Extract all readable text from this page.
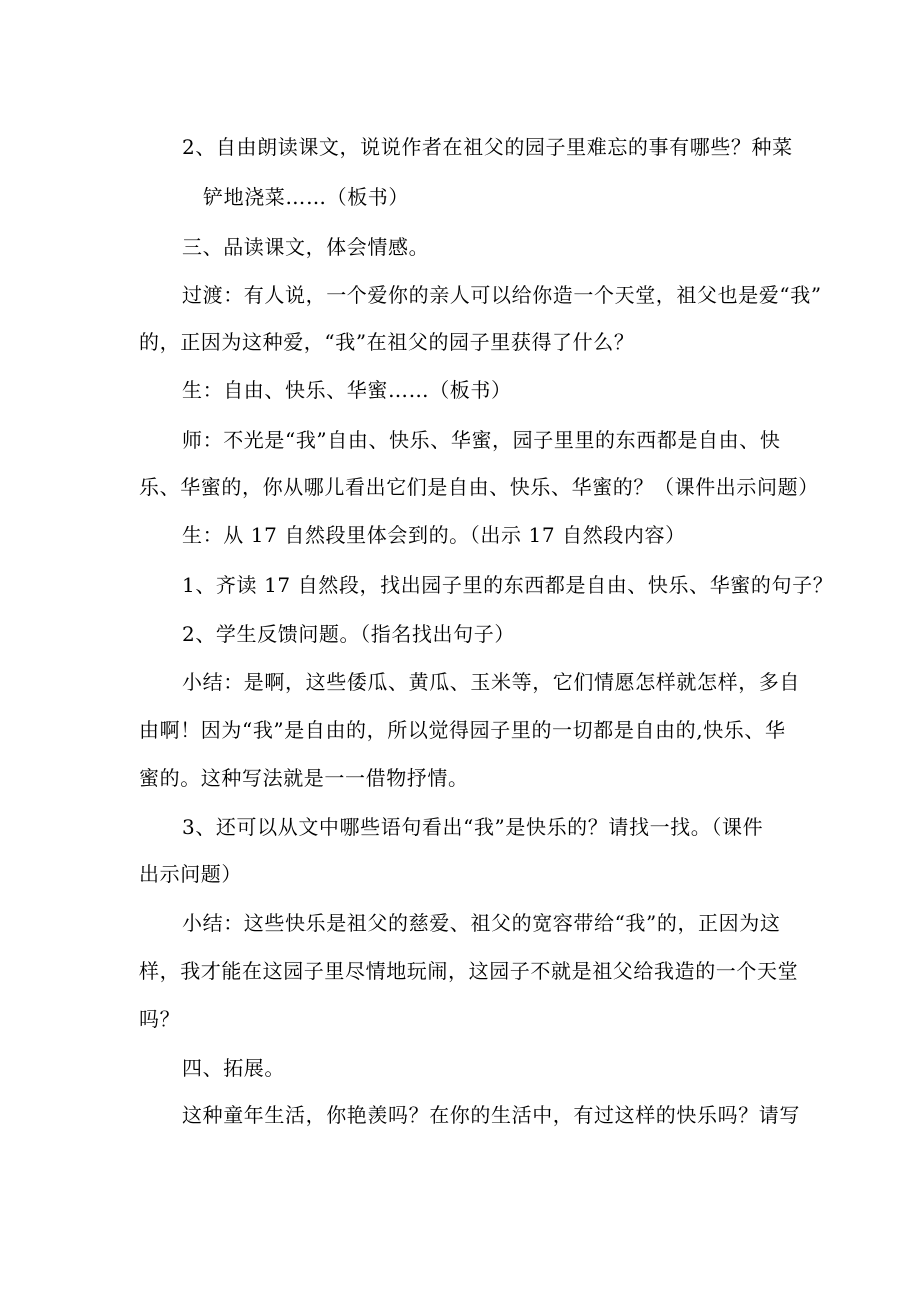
2、自由朗读课文，说说作者在祖父的园子里难忘的事有哪些？种菜
铲地浇菜……（板书）
三、品读课文，体会情感。
过渡：有人说，一个爱你的亲人可以给你造一个天堂，祖父也是爱“我”
的，正因为这种爱，“我”在祖父的园子里获得了什么？
生：自由、快乐、华蜜……（板书）
师：不光是“我”自由、快乐、华蜜，园子里里的东西都是自由、快
乐、华蜜的，你从哪儿看出它们是自由、快乐、华蜜的？（课件出示问题）
生：从 17 自然段里体会到的。（出示 17 自然段内容）
1、齐读 17 自然段，找出园子里的东西都是自由、快乐、华蜜的句子？
2、学生反馈问题。（指名找出句子）
小结：是啊，这些倭瓜、黄瓜、玉米等，它们情愿怎样就怎样，多自
由啊！因为“我”是自由的，所以觉得园子里的一切都是自由的,快乐、华
蜜的。这种写法就是一一借物抒情。
3、还可以从文中哪些语句看出“我”是快乐的？请找一找。（课件
出示问题）
小结：这些快乐是祖父的慈爱、祖父的宽容带给“我”的，正因为这
样，我才能在这园子里尽情地玩闹，这园子不就是祖父给我造的一个天堂
吗？
四、拓展。
这种童年生活，你艳羡吗？在你的生活中，有过这样的快乐吗？请写
